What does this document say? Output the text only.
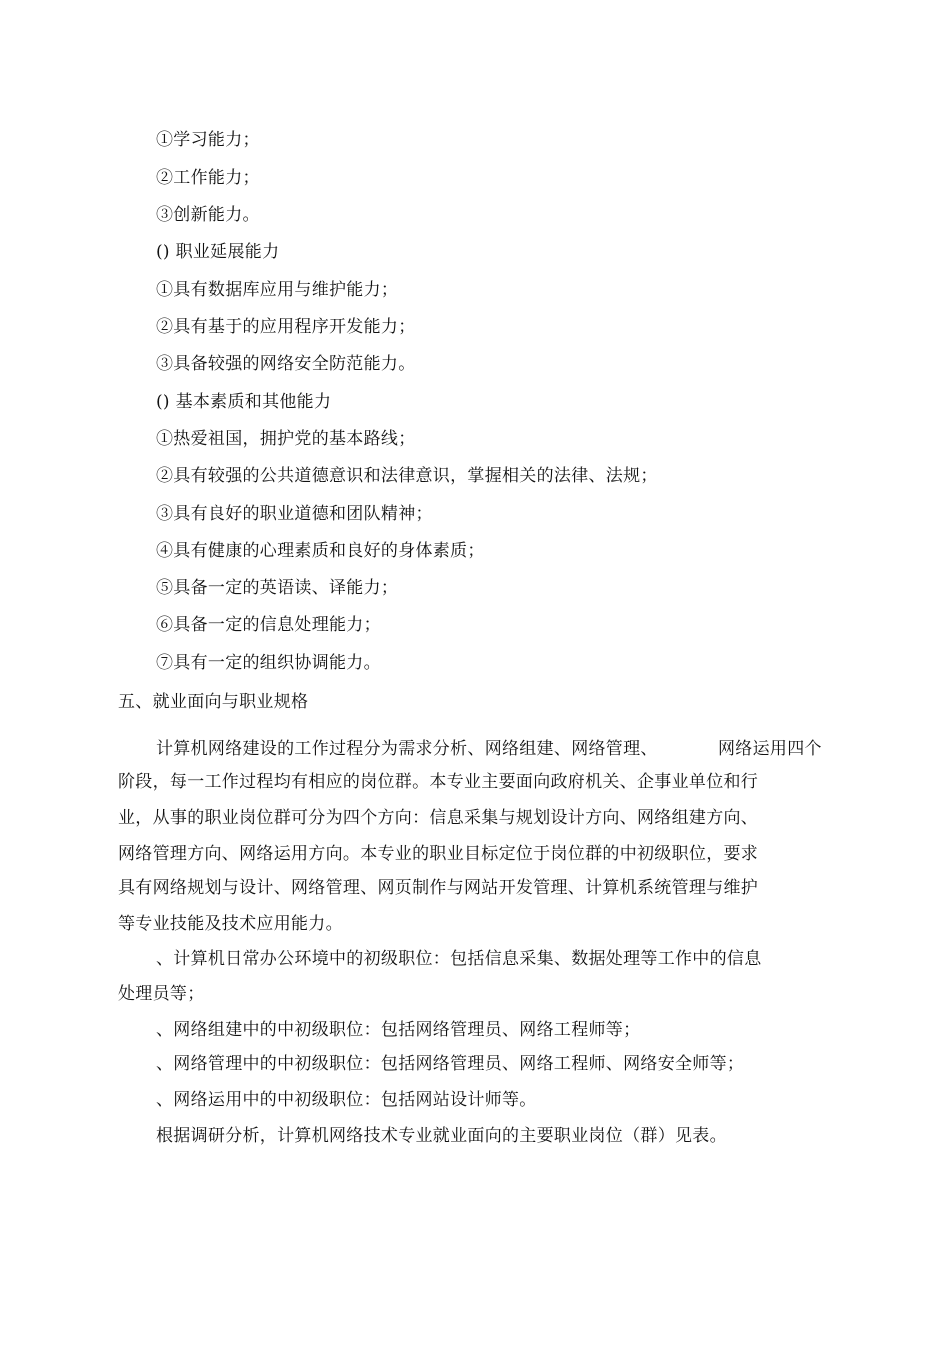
①学习能力；
②工作能力；
③创新能力。
() 职业延展能力
①具有数据库应用与维护能力；
②具有基于的应用程序开发能力；
③具备较强的网络安全防范能力。
() 基本素质和其他能力
①热爱祖国，拥护党的基本路线；
②具有较强的公共道德意识和法律意识，掌握相关的法律、法规；
③具有良好的职业道德和团队精神；
④具有健康的心理素质和良好的身体素质；
⑤具备一定的英语读、译能力；
⑥具备一定的信息处理能力；
⑦具有一定的组织协调能力。
五、就业面向与职业规格
计算机网络建设的工作过程分为需求分析、网络组建、网络管理、	网络运用四个
阶段，每一工作过程均有相应的岗位群。本专业主要面向政府机关、企事业单位和行
业，从事的职业岗位群可分为四个方向：信息采集与规划设计方向、网络组建方向、
网络管理方向、网络运用方向。本专业的职业目标定位于岗位群的中初级职位，要求
具有网络规划与设计、网络管理、网页制作与网站开发管理、计算机系统管理与维护
等专业技能及技术应用能力。
、计算机日常办公环境中的初级职位：包括信息采集、数据处理等工作中的信息
处理员等；
、网络组建中的中初级职位：包括网络管理员、网络工程师等；
、网络管理中的中初级职位：包括网络管理员、网络工程师、网络安全师等；
、网络运用中的中初级职位：包括网站设计师等。
根据调研分析，计算机网络技术专业就业面向的主要职业岗位（群）见表。
